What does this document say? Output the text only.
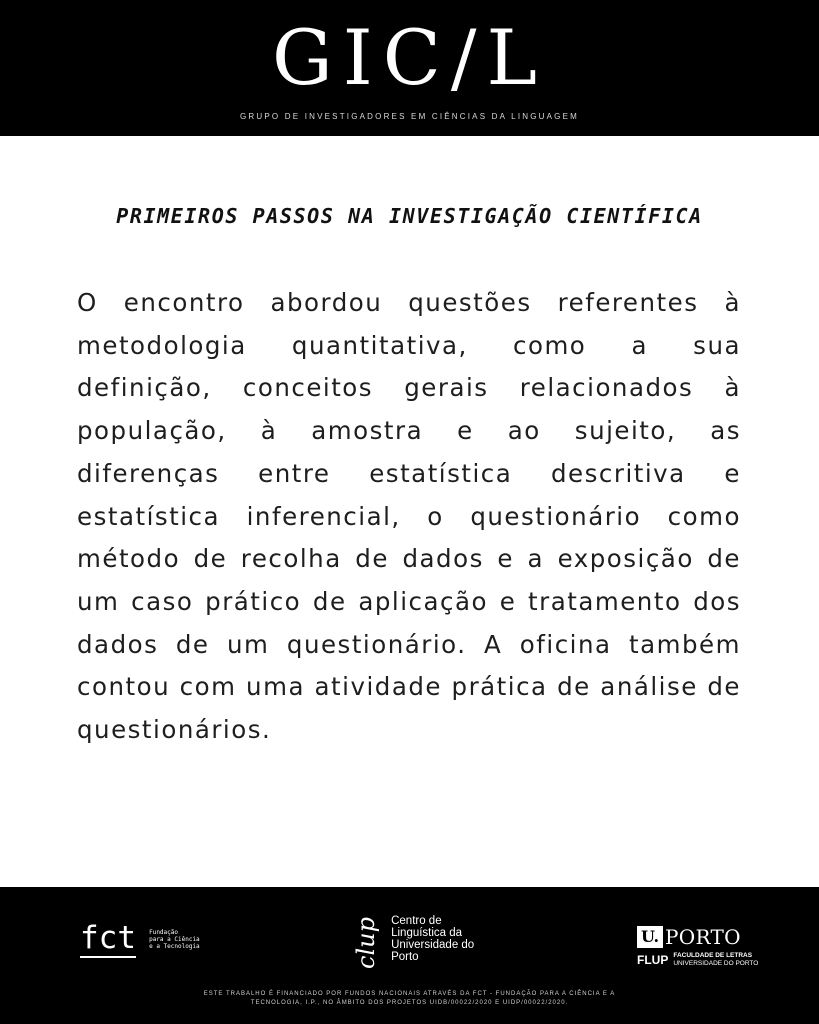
GIC/L
GRUPO DE INVESTIGADORES EM CIÊNCIAS DA LINGUAGEM
PRIMEIROS PASSOS NA INVESTIGAÇÃO CIENTÍFICA
O encontro abordou questões referentes à metodologia quantitativa, como a sua definição, conceitos gerais relacionados à população, à amostra e ao sujeito, as diferenças entre estatística descritiva e estatística inferencial, o questionário como método de recolha de dados e a exposição de um caso prático de aplicação e tratamento dos dados de um questionário. A oficina também contou com uma atividade prática de análise de questionários.
fct Fundação
para a Ciência
e a Tecnologia	clup Centro de
Linguística da
Universidade do
Porto
U. PORTO
FLUP FACULDADE DE LETRAS
UNIVERSIDADE DO PORTO
ESTE TRABALHO É FINANCIADO POR FUNDOS NACIONAIS ATRAVÉS DA FCT - FUNDAÇÃO PARA A CIÊNCIA E A
TECNOLOGIA, I.P., NO ÂMBITO DOS PROJETOS UIDB/00022/2020 E UIDP/00022/2020.
